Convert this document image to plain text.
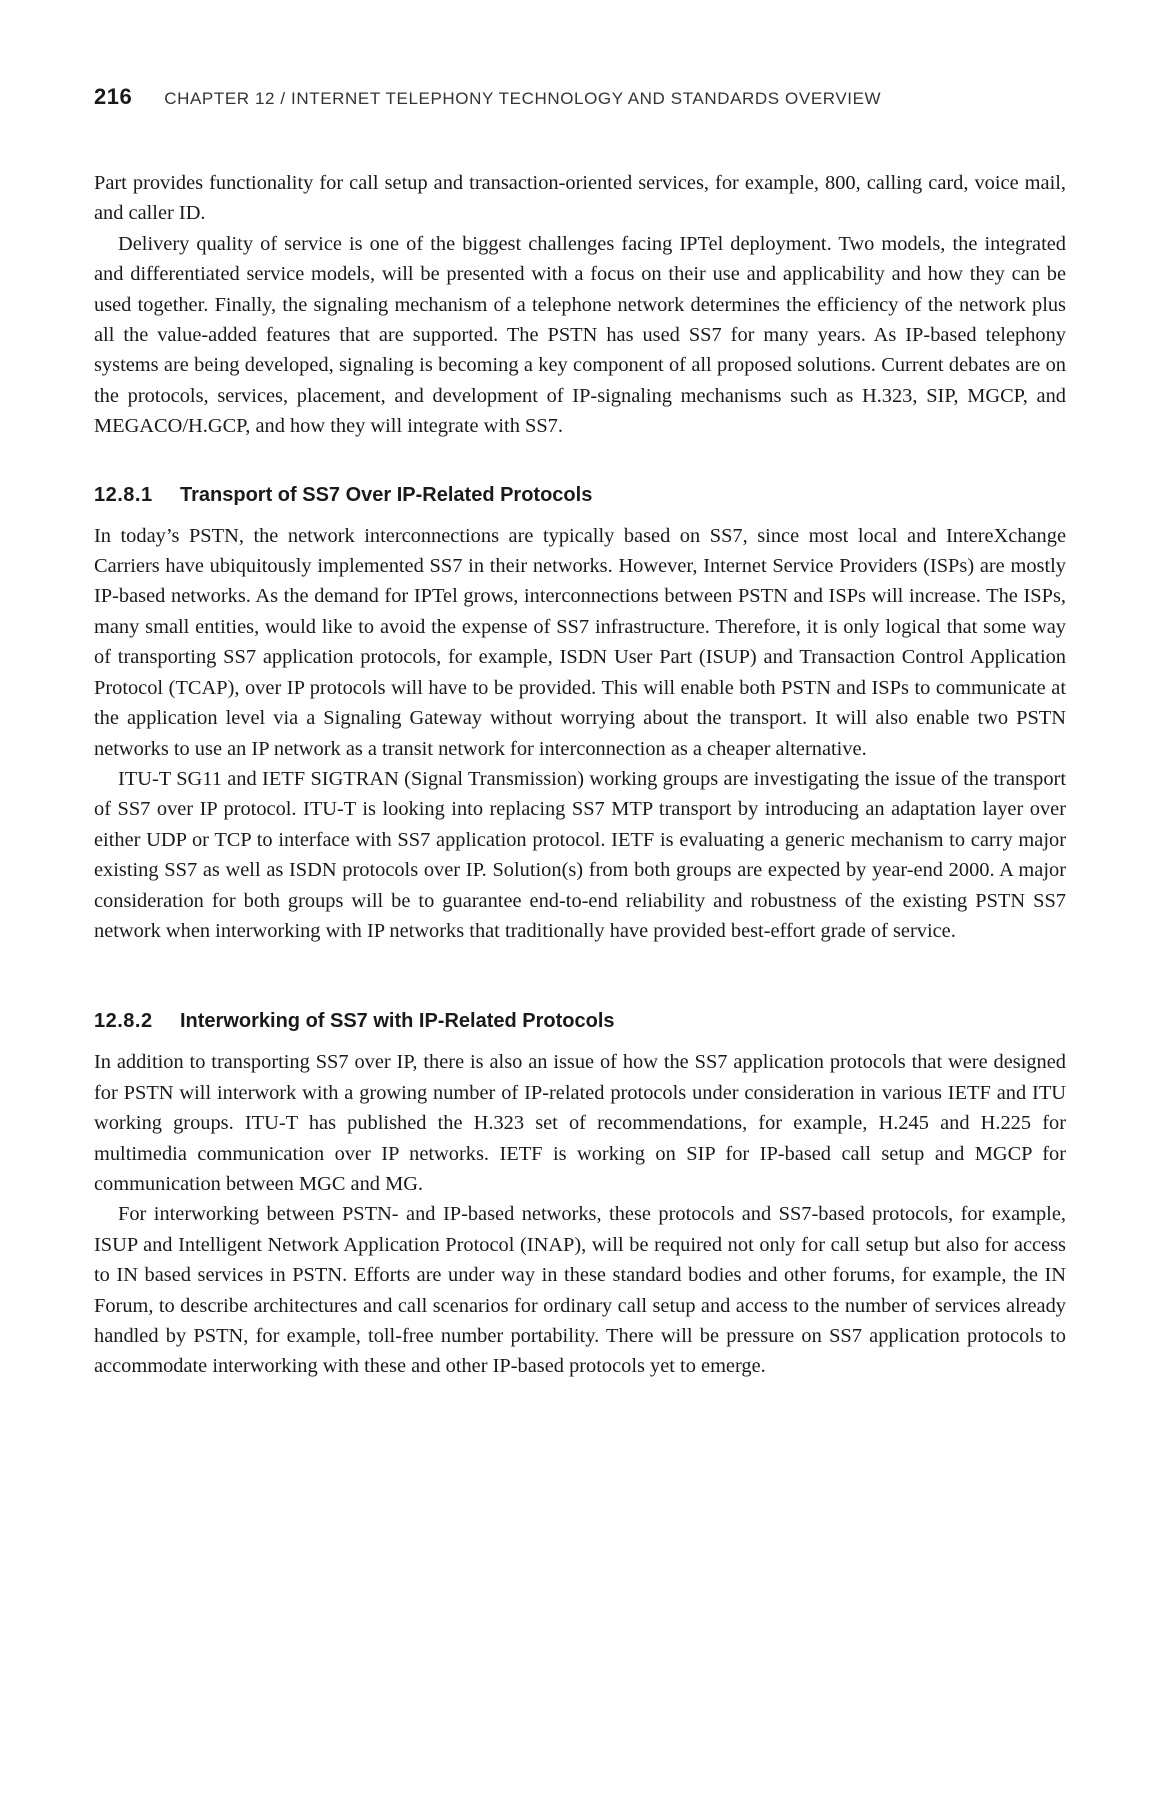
216 CHAPTER 12 / INTERNET TELEPHONY TECHNOLOGY AND STANDARDS OVERVIEW

Part provides functionality for call setup and transaction-oriented services, for example, 800, calling card, voice mail, and caller ID.

Delivery quality of service is one of the biggest challenges facing IPTel deployment. Two models, the integrated and differentiated service models, will be presented with a focus on their use and applicability and how they can be used together. Finally, the signaling mechanism of a telephone network determines the efficiency of the network plus all the value-added features that are supported. The PSTN has used SS7 for many years. As IP-based telephony systems are being developed, signaling is becoming a key component of all proposed solutions. Current debates are on the protocols, services, placement, and development of IP-signaling mechanisms such as H.323, SIP, MGCP, and MEGACO/H.GCP, and how they will integrate with SS7.

12.8.1	Transport of SS7 Over IP-Related Protocols

In today’s PSTN, the network interconnections are typically based on SS7, since most local and IntereXchange Carriers have ubiquitously implemented SS7 in their networks. However, Internet Service Providers (ISPs) are mostly IP-based networks. As the demand for IPTel grows, interconnections between PSTN and ISPs will increase. The ISPs, many small entities, would like to avoid the expense of SS7 infrastructure. Therefore, it is only logical that some way of transporting SS7 application protocols, for example, ISDN User Part (ISUP) and Transaction Control Application Protocol (TCAP), over IP protocols will have to be provided. This will enable both PSTN and ISPs to communicate at the application level via a Signaling Gateway without worrying about the transport. It will also enable two PSTN networks to use an IP network as a transit network for interconnection as a cheaper alternative.

ITU-T SG11 and IETF SIGTRAN (Signal Transmission) working groups are investigating the issue of the transport of SS7 over IP protocol. ITU-T is looking into replacing SS7 MTP transport by introducing an adaptation layer over either UDP or TCP to interface with SS7 application protocol. IETF is evaluating a generic mechanism to carry major existing SS7 as well as ISDN protocols over IP. Solution(s) from both groups are expected by year-end 2000. A major consideration for both groups will be to guarantee end-to-end reliability and robustness of the existing PSTN SS7 network when interworking with IP networks that traditionally have provided best-effort grade of service.

12.8.2	Interworking of SS7 with IP-Related Protocols

In addition to transporting SS7 over IP, there is also an issue of how the SS7 application protocols that were designed for PSTN will interwork with a growing number of IP-related protocols under consideration in various IETF and ITU working groups. ITU-T has published the H.323 set of recommendations, for example, H.245 and H.225 for multimedia communication over IP networks. IETF is working on SIP for IP-based call setup and MGCP for communication between MGC and MG.

For interworking between PSTN- and IP-based networks, these protocols and SS7-based protocols, for example, ISUP and Intelligent Network Application Protocol (INAP), will be required not only for call setup but also for access to IN based services in PSTN. Efforts are under way in these standard bodies and other forums, for example, the IN Forum, to describe architectures and call scenarios for ordinary call setup and access to the number of services already handled by PSTN, for example, toll-free number portability. There will be pressure on SS7 application protocols to accommodate interworking with these and other IP-based protocols yet to emerge.
